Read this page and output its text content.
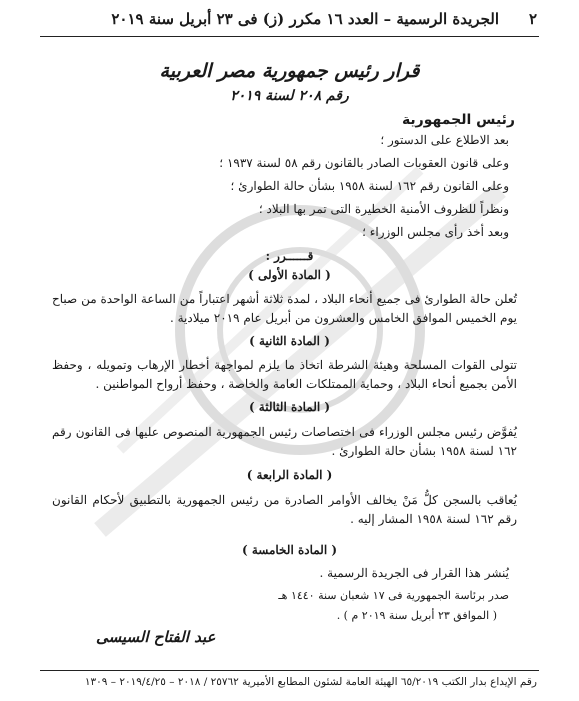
٢
الجريدة الرسمية – العدد ١٦ مكرر (ز) فى ٢٣ أبريل سنة ٢٠١٩
قرار رئيس جمهورية مصر العربية
رقم ٢٠٨ لسنة ٢٠١٩
رئيس الجمهورية
بعد الاطلاع على الدستور ؛
وعلى قانون العقوبات الصادر بالقانون رقم ٥٨ لسنة ١٩٣٧ ؛
وعلى القانون رقم ١٦٢ لسنة ١٩٥٨ بشأن حالة الطوارئ ؛
ونظراً للظروف الأمنية الخطيرة التى تمر بها البلاد ؛
وبعد أخذ رأى مجلس الوزراء ؛
قــــــرر :
( المادة الأولى )
تُعلن حالة الطوارئ فى جميع أنحاء البلاد ، لمدة ثلاثة أشهر اعتباراً من الساعة الواحدة من صباح يوم الخميس الموافق الخامس والعشرون من أبريل عام ٢٠١٩ ميلادية .
( المادة الثانية )
تتولى القوات المسلحة وهيئة الشرطة اتخاذ ما يلزم لمواجهة أخطار الإرهاب وتمويله ، وحفظ الأمن بجميع أنحاء البلاد ، وحماية الممتلكات العامة والخاصة ، وحفظ أرواح المواطنين .
( المادة الثالثة )
يُفوَّض رئيس مجلس الوزراء فى اختصاصات رئيس الجمهورية المنصوص عليها فى القانون رقم ١٦٢ لسنة ١٩٥٨ بشأن حالة الطوارئ .
( المادة الرابعة )
يُعاقب بالسجن كلُّ مَنْ يخالف الأوامر الصادرة من رئيس الجمهورية بالتطبيق لأحكام القانون رقم ١٦٢ لسنة ١٩٥٨ المشار إليه .
( المادة الخامسة )
يُنشر هذا القرار فى الجريدة الرسمية .
صدر برئاسة الجمهورية فى ١٧ شعبان سنة ١٤٤٠ هـ
( الموافق ٢٣ أبريل سنة ٢٠١٩ م ) .
عبد الفتاح السيسى
رقم الإيداع بدار الكتب ٦٥/٢٠١٩ الهيئة العامة لشئون المطابع الأميرية ٢٥٧٦٢ / ٢٠١٨ – ٢٠١٩/٤/٢٥ – ١٣٠٩
